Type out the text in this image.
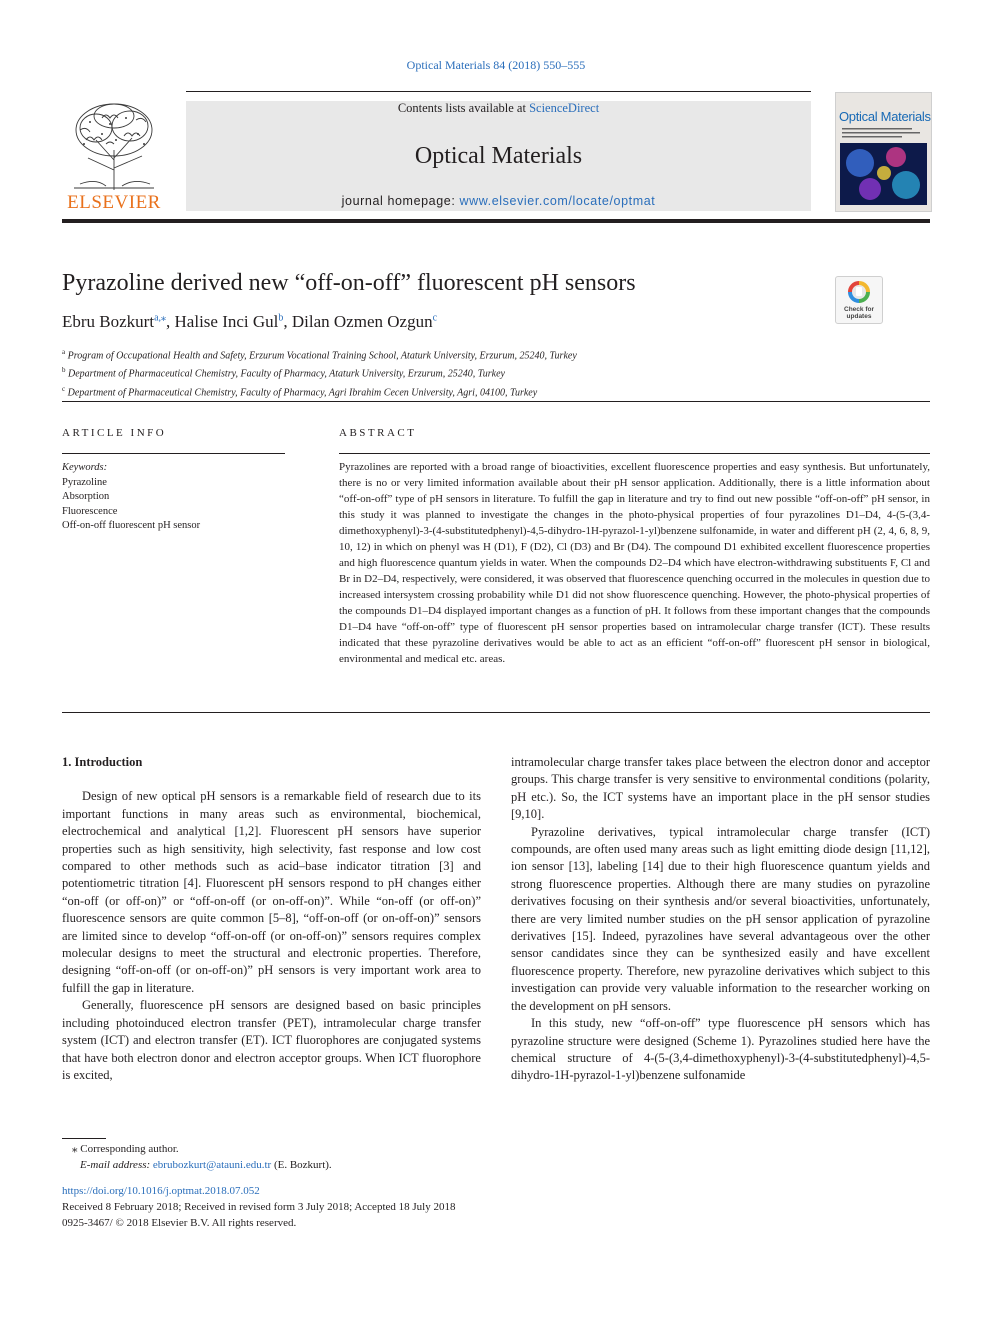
Optical Materials 84 (2018) 550–555
ELSEVIER
Contents lists available at ScienceDirect
Optical Materials
journal homepage: www.elsevier.com/locate/optmat
Optical Materials
Pyrazoline derived new “off-on-off” fluorescent pH sensors
Check for
updates
Ebru Bozkurt$^{a,⁎}$, Halise Inci Gul$^b$, Dilan Ozmen Ozgun$^c$
$^a$ Program of Occupational Health and Safety, Erzurum Vocational Training School, Ataturk University, Erzurum, 25240, Turkey
$^b$ Department of Pharmaceutical Chemistry, Faculty of Pharmacy, Ataturk University, Erzurum, 25240, Turkey
$^c$ Department of Pharmaceutical Chemistry, Faculty of Pharmacy, Agri Ibrahim Cecen University, Agri, 04100, Turkey
ARTICLE INFO	ABSTRACT
Keywords:
Pyrazoline
Absorption
Fluorescence
Off-on-off fluorescent pH sensor
Pyrazolines are reported with a broad range of bioactivities, excellent fluorescence properties and easy synthesis. But unfortunately, there is no or very limited information available about their pH sensor application. Additionally, there is a little information about “off-on-off” type of pH sensors in literature. To fulfill the gap in literature and try to find out new possible “off-on-off” pH sensor, in this study it was planned to investigate the changes in the photo-physical properties of four pyrazolines D1–D4, 4-(5-(3,4-dimethoxyphenyl)-3-(4-substitutedphenyl)-4,5-dihydro-1H-pyrazol-1-yl)benzene sulfonamide, in water and different pH (2, 4, 6, 8, 9, 10, 12) in which on phenyl was H (D1), F (D2), Cl (D3) and Br (D4). The compound D1 exhibited excellent fluorescence properties and high fluorescence quantum yields in water. When the compounds D2–D4 which have electron-withdrawing substituents F, Cl and Br in D2–D4, respectively, were considered, it was observed that fluorescence quenching occurred in the molecules in question due to increased intersystem crossing probability while D1 did not show fluorescence quenching. However, the photo-physical properties of the compounds D1–D4 displayed important changes as a function of pH. It follows from these important changes that the compounds D1–D4 have “off-on-off” type of fluorescent pH sensor properties based on intramolecular charge transfer (ICT). These results indicated that these pyrazoline derivatives would be able to act as an efficient “off-on-off” fluorescent pH sensor in biological, environmental and medical etc. areas.

1. Introduction

Design of new optical pH sensors is a remarkable field of research due to its important functions in many areas such as environmental, biochemical, electrochemical and analytical [1,2]. Fluorescent pH sensors have superior properties such as high sensitivity, high selectivity, fast response and low cost compared to other methods such as acid–base indicator titration [3] and potentiometric titration [4]. Fluorescent pH sensors respond to pH changes either “on-off (or off-on)” or “off-on-off (or on-off-on)”. While “on-off (or off-on)” fluorescence sensors are quite common [5–8], “off-on-off (or on-off-on)” sensors are limited since to develop “off-on-off (or on-off-on)” sensors requires complex molecular designs to meet the structural and electronic properties. Therefore, designing “off-on-off (or on-off-on)” pH sensors is very important work area to fulfill the gap in literature.

Generally, fluorescence pH sensors are designed based on basic principles including photoinduced electron transfer (PET), intramolecular charge transfer system (ICT) and electron transfer (ET). ICT fluorophores are conjugated systems that have both electron donor and electron acceptor groups. When ICT fluorophore is excited,

intramolecular charge transfer takes place between the electron donor and acceptor groups. This charge transfer is very sensitive to environmental conditions (polarity, pH etc.). So, the ICT systems have an important place in the pH sensor studies [9,10].

Pyrazoline derivatives, typical intramolecular charge transfer (ICT) compounds, are often used many areas such as light emitting diode design [11,12], ion sensor [13], labeling [14] due to their high fluorescence quantum yields and strong fluorescence properties. Although there are many studies on pyrazoline derivatives focusing on their synthesis and/or several bioactivities, unfortunately, there are very limited number studies on the pH sensor application of pyrazoline derivatives [15]. Indeed, pyrazolines have several advantageous over the other sensor candidates since they can be synthesized easily and have excellent fluorescence property. Therefore, new pyrazoline derivatives which subject to this investigation can provide very valuable information to the researcher working on the development on pH sensors.

In this study, new “off-on-off” type fluorescence pH sensors which has pyrazoline structure were designed (Scheme 1). Pyrazolines studied here have the chemical structure of 4-(5-(3,4-dimethoxyphenyl)-3-(4-substitutedphenyl)-4,5-dihydro-1H-pyrazol-1-yl)benzene sulfonamide

⁎ Corresponding author.
E-mail address: ebrubozkurt@atauni.edu.tr (E. Bozkurt).
https://doi.org/10.1016/j.optmat.2018.07.052
Received 8 February 2018; Received in revised form 3 July 2018; Accepted 18 July 2018
0925-3467/ © 2018 Elsevier B.V. All rights reserved.
